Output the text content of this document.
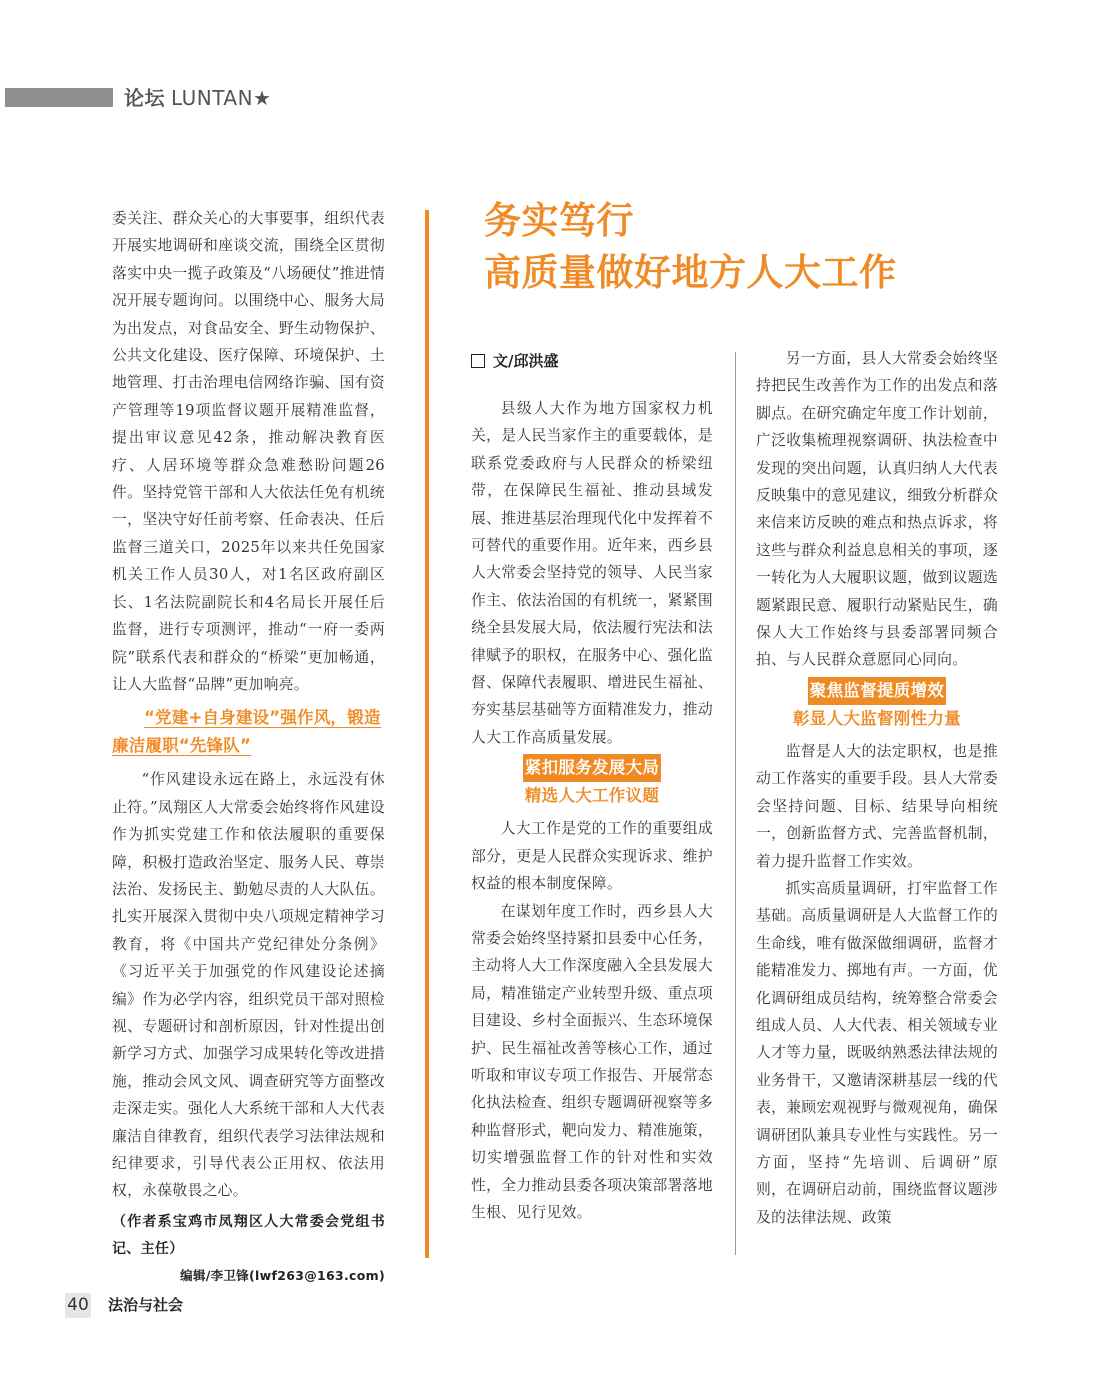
论坛 LUNTAN★

委关注、群众关心的大事要事，组织代表开展实地调研和座谈交流，围绕全区贯彻落实中央一揽子政策及“八场硬仗”推进情况开展专题询问。以围绕中心、服务大局为出发点，对食品安全、野生动物保护、公共文化建设、医疗保障、环境保护、土地管理、打击治理电信网络诈骗、国有资产管理等19项监督议题开展精准监督，提出审议意见42条，推动解决教育医疗、人居环境等群众急难愁盼问题26件。坚持党管干部和人大依法任免有机统一，坚决守好任前考察、任命表决、任后监督三道关口，2025年以来共任免国家机关工作人员30人，对1名区政府副区长、1名法院副院长和4名局长开展任后监督，进行专项测评，推动“一府一委两院”联系代表和群众的“桥梁”更加畅通，让人大监督“品牌”更加响亮。

“党建+自身建设”强作风，锻造
廉洁履职“先锋队”

“作风建设永远在路上，永远没有休止符。”凤翔区人大常委会始终将作风建设作为抓实党建工作和依法履职的重要保障，积极打造政治坚定、服务人民、尊崇法治、发扬民主、勤勉尽责的人大队伍。扎实开展深入贯彻中央八项规定精神学习教育，将《中国共产党纪律处分条例》《习近平关于加强党的作风建设论述摘编》作为必学内容，组织党员干部对照检视、专题研讨和剖析原因，针对性提出创新学习方式、加强学习成果转化等改进措施，推动会风文风、调查研究等方面整改走深走实。强化人大系统干部和人大代表廉洁自律教育，组织代表学习法律法规和纪律要求，引导代表公正用权、依法用权，永葆敬畏之心。

（作者系宝鸡市凤翔区人大常委会党组书记、主任）
编辑/李卫锋(lwf263@163.com)
务实笃行
高质量做好地方人大工作
文/邱洪盛

县级人大作为地方国家权力机关，是人民当家作主的重要载体，是联系党委政府与人民群众的桥梁纽带，在保障民生福祉、推动县域发展、推进基层治理现代化中发挥着不可替代的重要作用。近年来，西乡县人大常委会坚持党的领导、人民当家作主、依法治国的有机统一，紧紧围绕全县发展大局，依法履行宪法和法律赋予的职权，在服务中心、强化监督、保障代表履职、增进民生福祉、夯实基层基础等方面精准发力，推动人大工作高质量发展。

紧扣服务发展大局
精选人大工作议题

人大工作是党的工作的重要组成部分，更是人民群众实现诉求、维护权益的根本制度保障。

在谋划年度工作时，西乡县人大常委会始终坚持紧扣县委中心任务，主动将人大工作深度融入全县发展大局，精准锚定产业转型升级、重点项目建设、乡村全面振兴、生态环境保护、民生福祉改善等核心工作，通过听取和审议专项工作报告、开展常态化执法检查、组织专题调研视察等多种监督形式，靶向发力、精准施策，切实增强监督工作的针对性和实效性，全力推动县委各项决策部署落地生根、见行见效。

另一方面，县人大常委会始终坚持把民生改善作为工作的出发点和落脚点。在研究确定年度工作计划前，广泛收集梳理视察调研、执法检查中发现的突出问题，认真归纳人大代表反映集中的意见建议，细致分析群众来信来访反映的难点和热点诉求，将这些与群众利益息息相关的事项，逐一转化为人大履职议题，做到议题选题紧跟民意、履职行动紧贴民生，确保人大工作始终与县委部署同频合拍、与人民群众意愿同心同向。

聚焦监督提质增效
彰显人大监督刚性力量

监督是人大的法定职权，也是推动工作落实的重要手段。县人大常委会坚持问题、目标、结果导向相统一，创新监督方式、完善监督机制，着力提升监督工作实效。

抓实高质量调研，打牢监督工作基础。高质量调研是人大监督工作的生命线，唯有做深做细调研，监督才能精准发力、掷地有声。一方面，优化调研组成员结构，统筹整合常委会组成人员、人大代表、相关领域专业人才等力量，既吸纳熟悉法律法规的业务骨干，又邀请深耕基层一线的代表，兼顾宏观视野与微观视角，确保调研团队兼具专业性与实践性。另一方面，坚持“先培训、后调研”原则，在调研启动前，围绕监督议题涉及的法律法规、政策

40 法治与社会
